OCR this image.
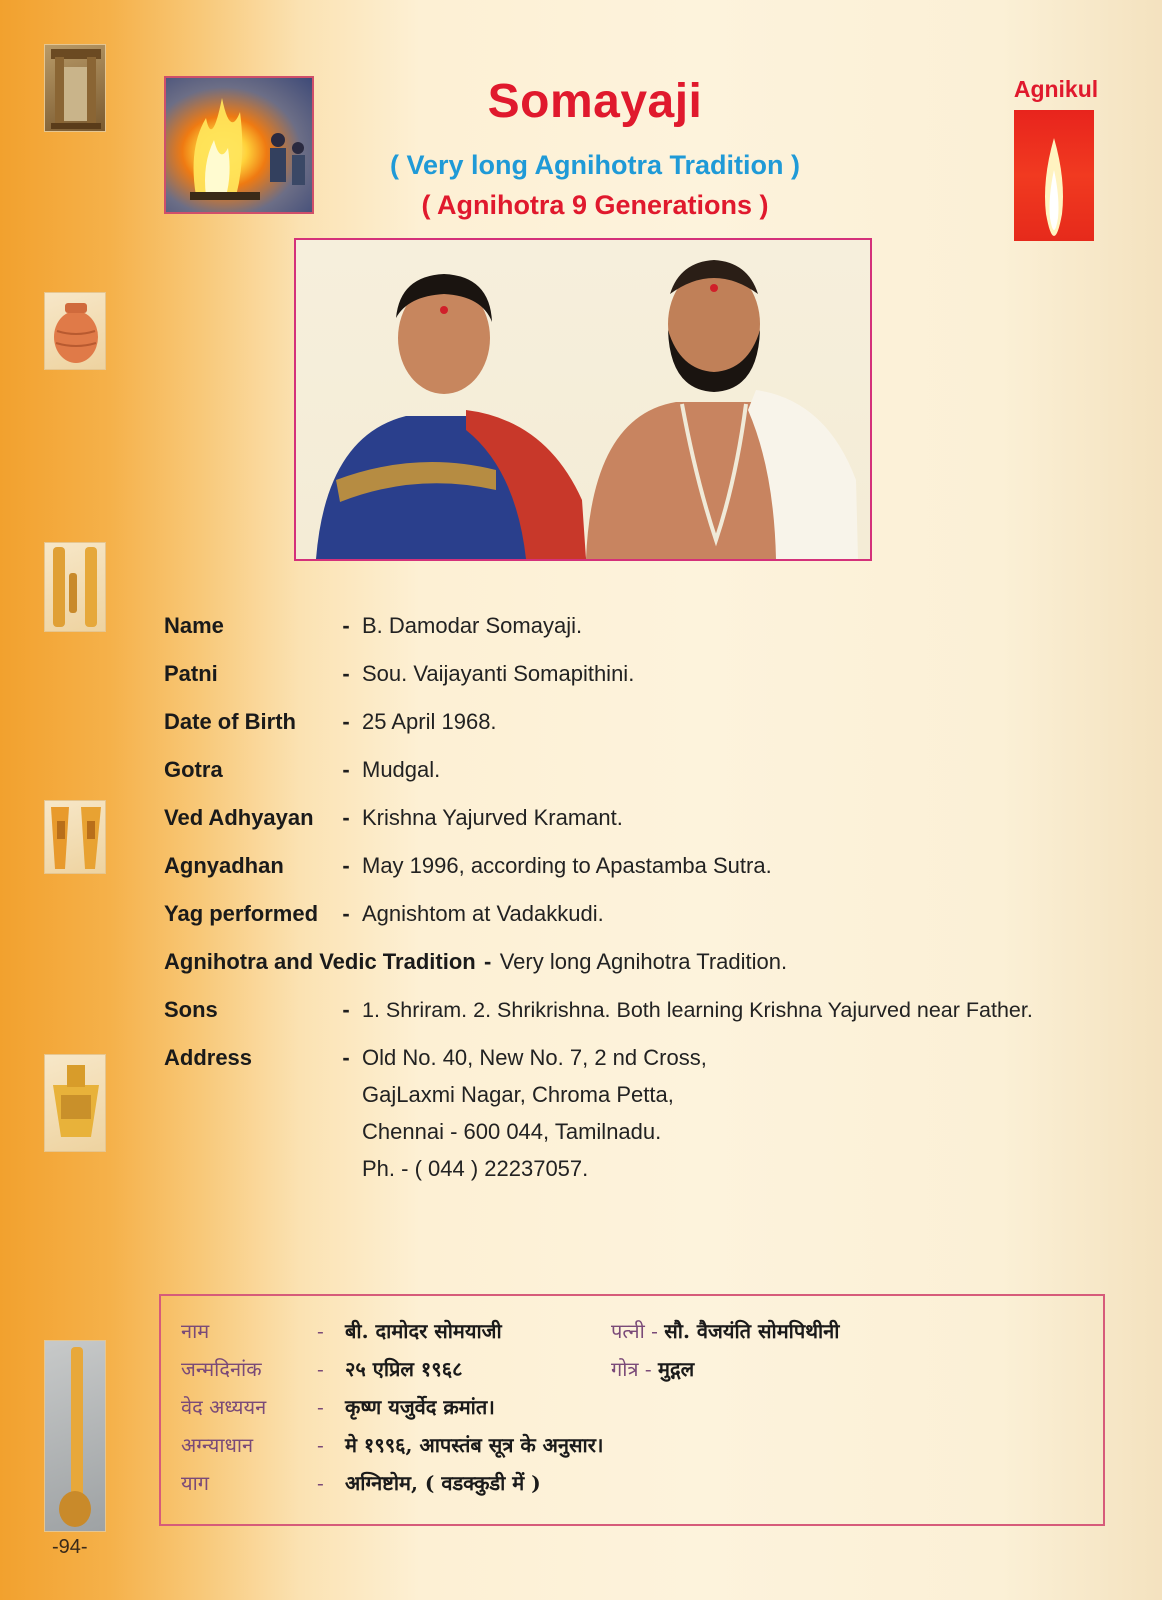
Somayaji
( Very long Agnihotra Tradition )
( Agnihotra 9 Generations )
Agnikul
Name	- B. Damodar Somayaji.
Patni	- Sou. Vaijayanti Somapithini.
Date of Birth	- 25 April 1968.
Gotra	- Mudgal.
Ved Adhyayan	- Krishna Yajurved Kramant.
Agnyadhan	- May 1996, according to Apastamba Sutra.
Yag performed	- Agnishtom at Vadakkudi.
Agnihotra and Vedic Tradition - Very long Agnihotra Tradition.
Sons	- 1. Shriram. 2. Shrikrishna. Both learning Krishna Yajurved near Father.
Address	- Old No. 40, New No. 7, 2 nd Cross,
GajLaxmi Nagar, Chroma Petta,
Chennai - 600 044, Tamilnadu.
Ph. - ( 044 ) 22237057.
नाम	- बी. दामोदर सोमयाजी	पत्नी - सौ. वैजयंति सोमपिथीनी
जन्मदिनांक	- २५ एप्रिल १९६८	गोत्र - मुद्गल
वेद अध्ययन	- कृष्ण यजुर्वेद क्रमांत।
अग्न्याधान	- मे १९९६, आपस्तंब सूत्र के अनुसार।
याग	- अग्निष्टोम, ( वडक्कुडी में )
-94-
